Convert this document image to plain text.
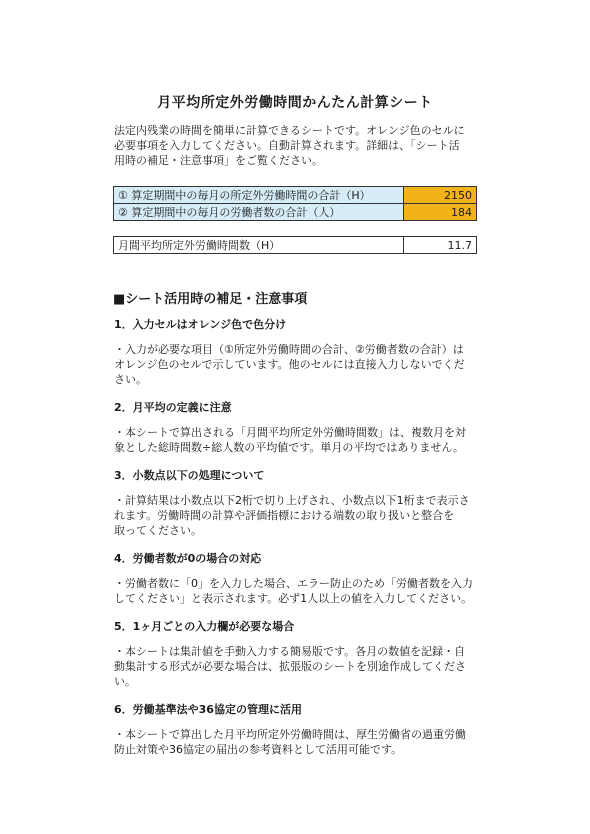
月平均所定外労働時間かんたん計算シート
法定内残業の時間を簡単に計算できるシートです。オレンジ色のセルに
必要事項を入力してください。自動計算されます。詳細は、「シート活
用時の補足・注意事項」をご覧ください。
① 算定期間中の毎月の所定外労働時間の合計（H）	2150
② 算定期間中の毎月の労働者数の合計（人）	184
月間平均所定外労働時間数（H）	11.7
■シート活用時の補足・注意事項
1．入力セルはオレンジ色で色分け
・入力が必要な項目（①所定外労働時間の合計、②労働者数の合計）は
オレンジ色のセルで示しています。他のセルには直接入力しないでくだ
さい。
2．月平均の定義に注意
・本シートで算出される「月間平均所定外労働時間数」は、複数月を対
象とした総時間数÷総人数の平均値です。単月の平均ではありません。
3．小数点以下の処理について
・計算結果は小数点以下2桁で切り上げされ、小数点以下1桁まで表示さ
れます。労働時間の計算や評価指標における端数の取り扱いと整合を
取ってください。
4．労働者数が0の場合の対応
・労働者数に「0」を入力した場合、エラー防止のため「労働者数を入力
してください」と表示されます。必ず1人以上の値を入力してください。
5．1ヶ月ごとの入力欄が必要な場合
・本シートは集計値を手動入力する簡易版です。各月の数値を記録・自
動集計する形式が必要な場合は、拡張版のシートを別途作成してくださ
い。
6．労働基準法や36協定の管理に活用
・本シートで算出した月平均所定外労働時間は、厚生労働省の過重労働
防止対策や36協定の届出の参考資料として活用可能です。
